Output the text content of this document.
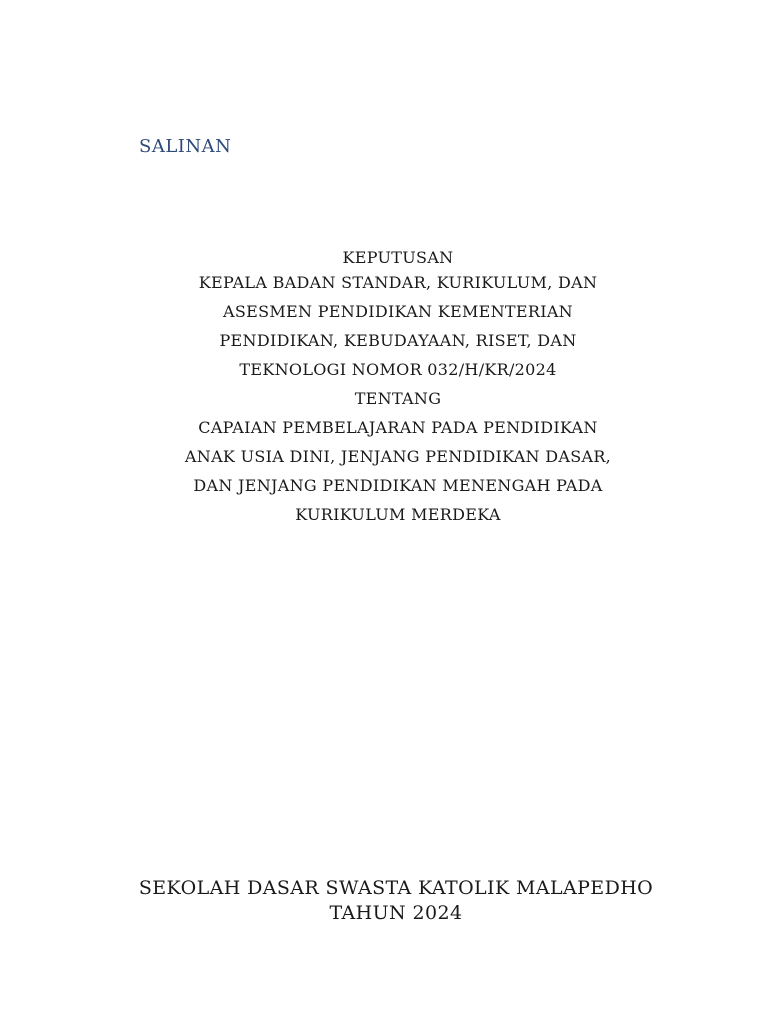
SALINAN
KEPUTUSAN
KEPALA BADAN STANDAR, KURIKULUM, DAN
ASESMEN PENDIDIKAN KEMENTERIAN
PENDIDIKAN, KEBUDAYAAN, RISET, DAN
TEKNOLOGI NOMOR 032/H/KR/2024
TENTANG
CAPAIAN PEMBELAJARAN PADA PENDIDIKAN
ANAK USIA DINI, JENJANG PENDIDIKAN DASAR,
DAN JENJANG PENDIDIKAN MENENGAH PADA
KURIKULUM MERDEKA
SEKOLAH DASAR SWASTA KATOLIK MALAPEDHO
TAHUN 2024
